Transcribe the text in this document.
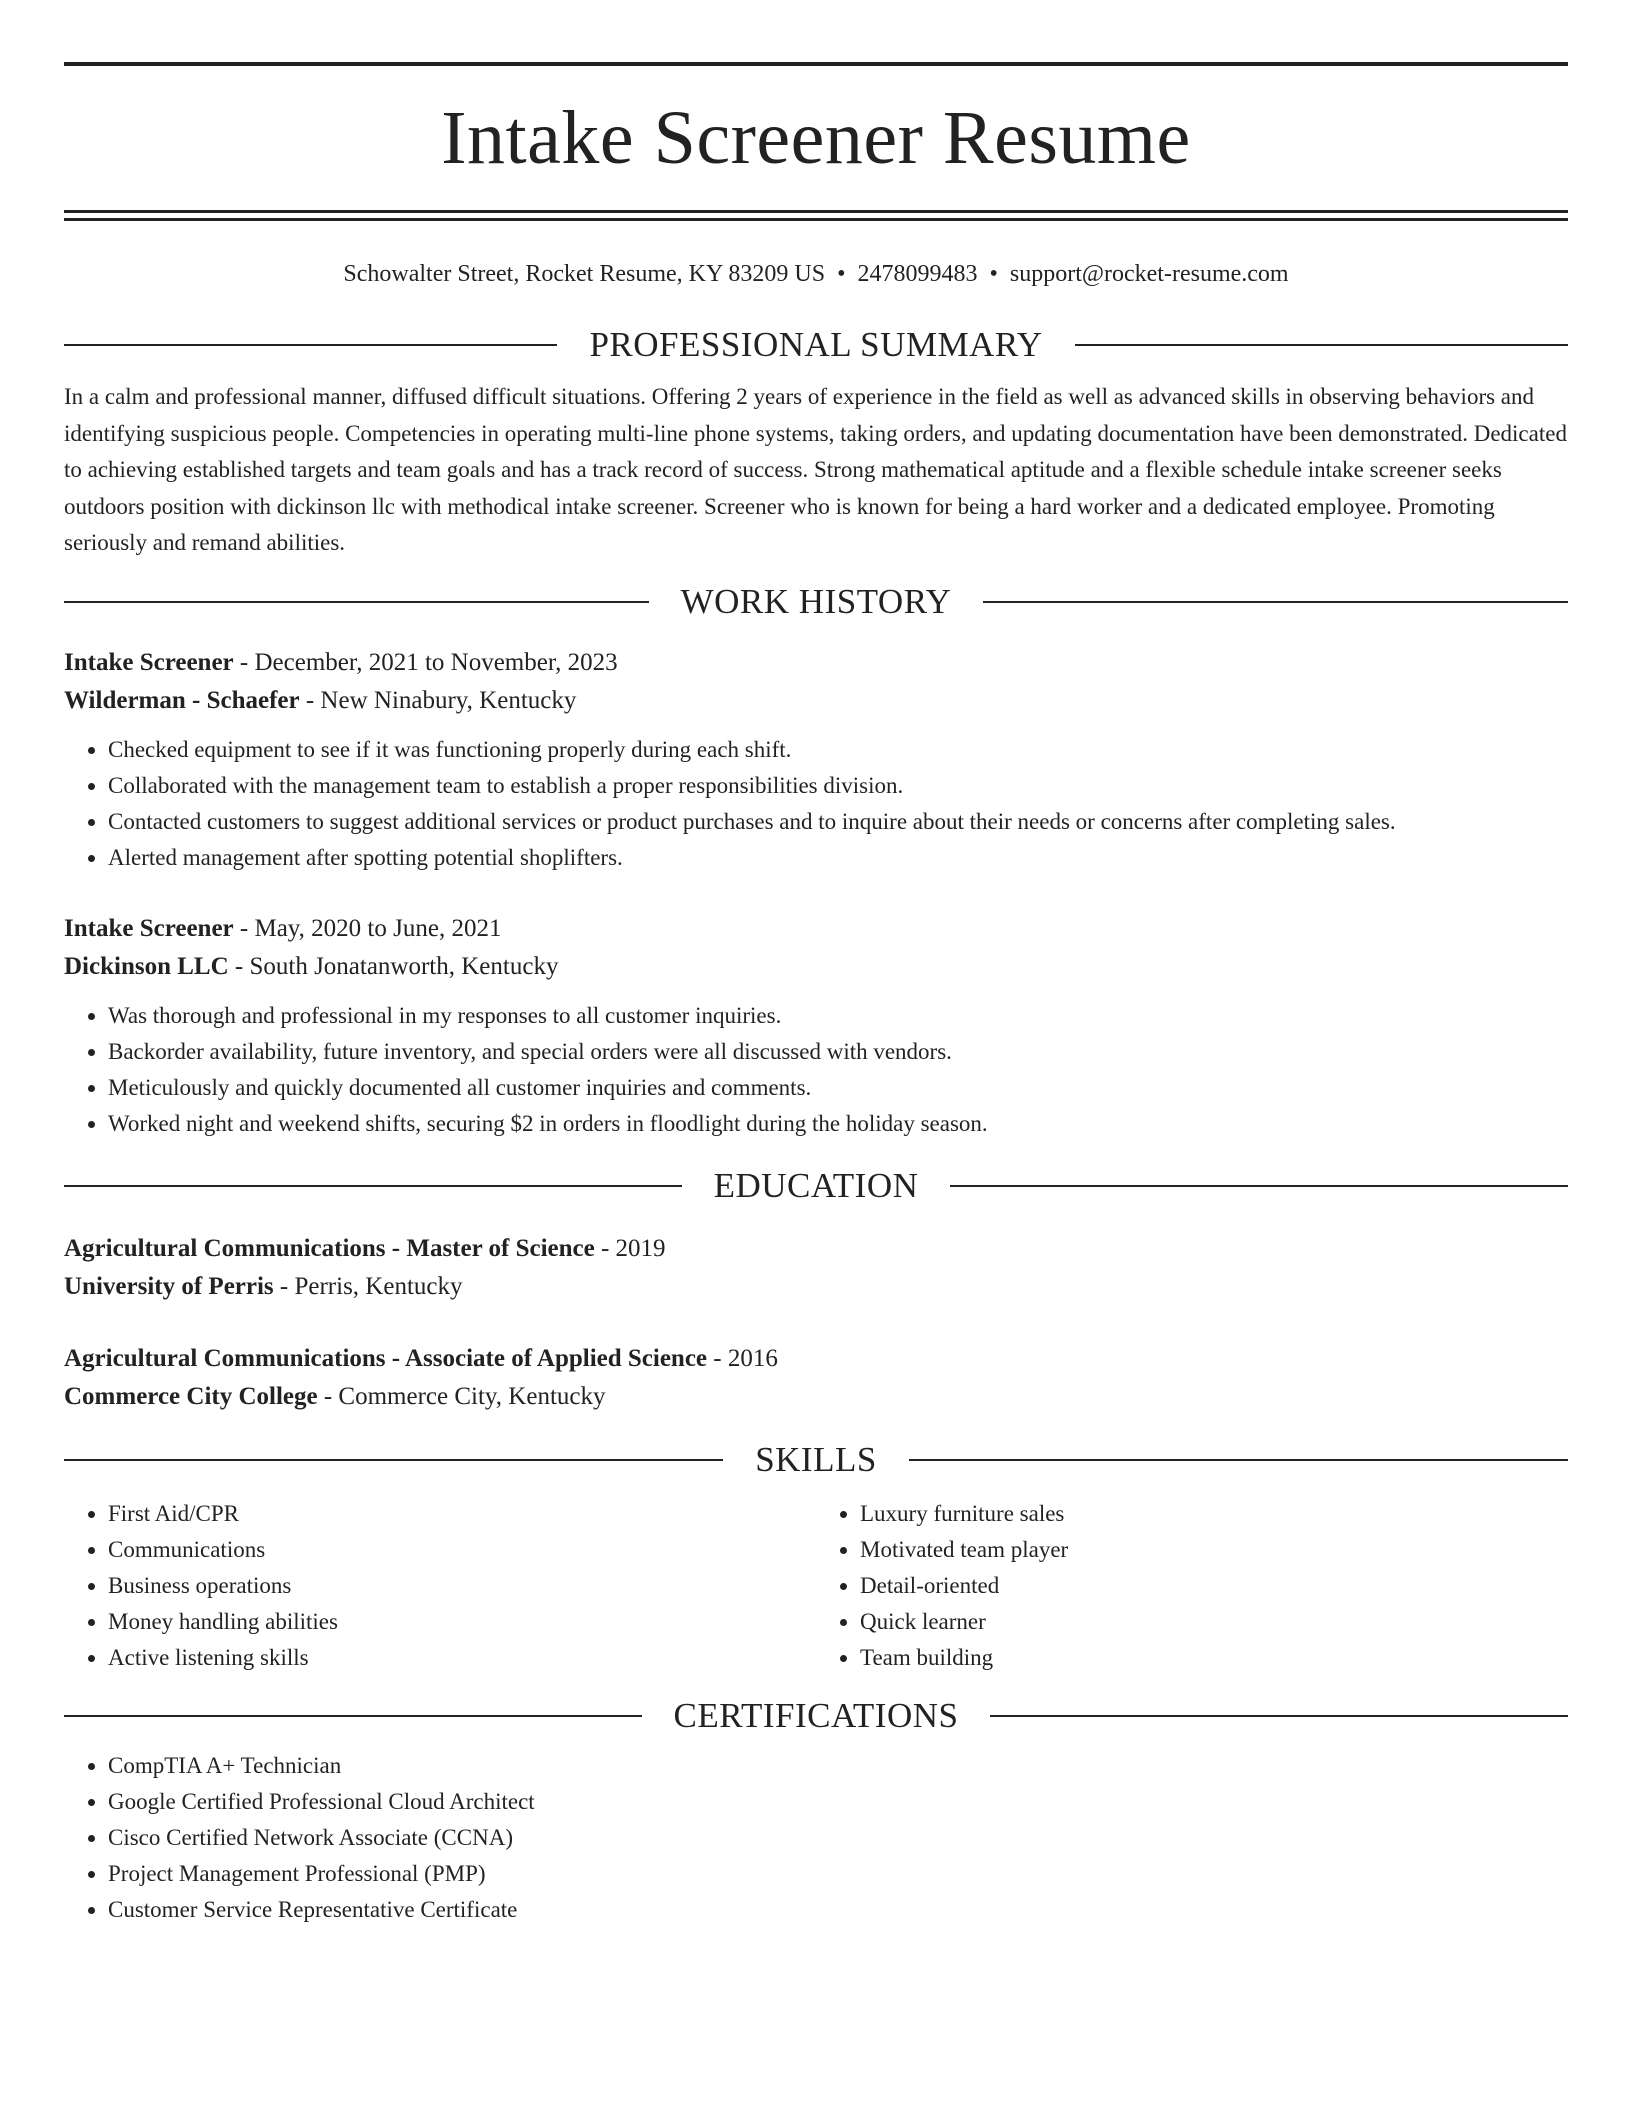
Intake Screener Resume
Schowalter Street, Rocket Resume, KY 83209 US • 2478099483 • support@rocket-resume.com
PROFESSIONAL SUMMARY

In a calm and professional manner, diffused difficult situations. Offering 2 years of experience in the field as well as advanced skills in observing behaviors and identifying suspicious people. Competencies in operating multi-line phone systems, taking orders, and updating documentation have been demonstrated. Dedicated to achieving established targets and team goals and has a track record of success. Strong mathematical aptitude and a flexible schedule intake screener seeks outdoors position with dickinson llc with methodical intake screener. Screener who is known for being a hard worker and a dedicated employee. Promoting seriously and remand abilities.

WORK HISTORY
Intake Screener - December, 2021 to November, 2023
Wilderman - Schaefer - New Ninabury, Kentucky
• Checked equipment to see if it was functioning properly during each shift.
• Collaborated with the management team to establish a proper responsibilities division.
• Contacted customers to suggest additional services or product purchases and to inquire about their needs or concerns after completing sales.
• Alerted management after spotting potential shoplifters.
Intake Screener - May, 2020 to June, 2021
Dickinson LLC - South Jonatanworth, Kentucky
• Was thorough and professional in my responses to all customer inquiries.
• Backorder availability, future inventory, and special orders were all discussed with vendors.
• Meticulously and quickly documented all customer inquiries and comments.
• Worked night and weekend shifts, securing $2 in orders in floodlight during the holiday season.
EDUCATION
Agricultural Communications - Master of Science - 2019
University of Perris - Perris, Kentucky
Agricultural Communications - Associate of Applied Science - 2016
Commerce City College - Commerce City, Kentucky
SKILLS
• First Aid/CPR
• Communications
• Business operations
• Money handling abilities
• Active listening skills
• Luxury furniture sales
• Motivated team player
• Detail-oriented
• Quick learner
• Team building
CERTIFICATIONS
• CompTIA A+ Technician
• Google Certified Professional Cloud Architect
• Cisco Certified Network Associate (CCNA)
• Project Management Professional (PMP)
• Customer Service Representative Certificate
